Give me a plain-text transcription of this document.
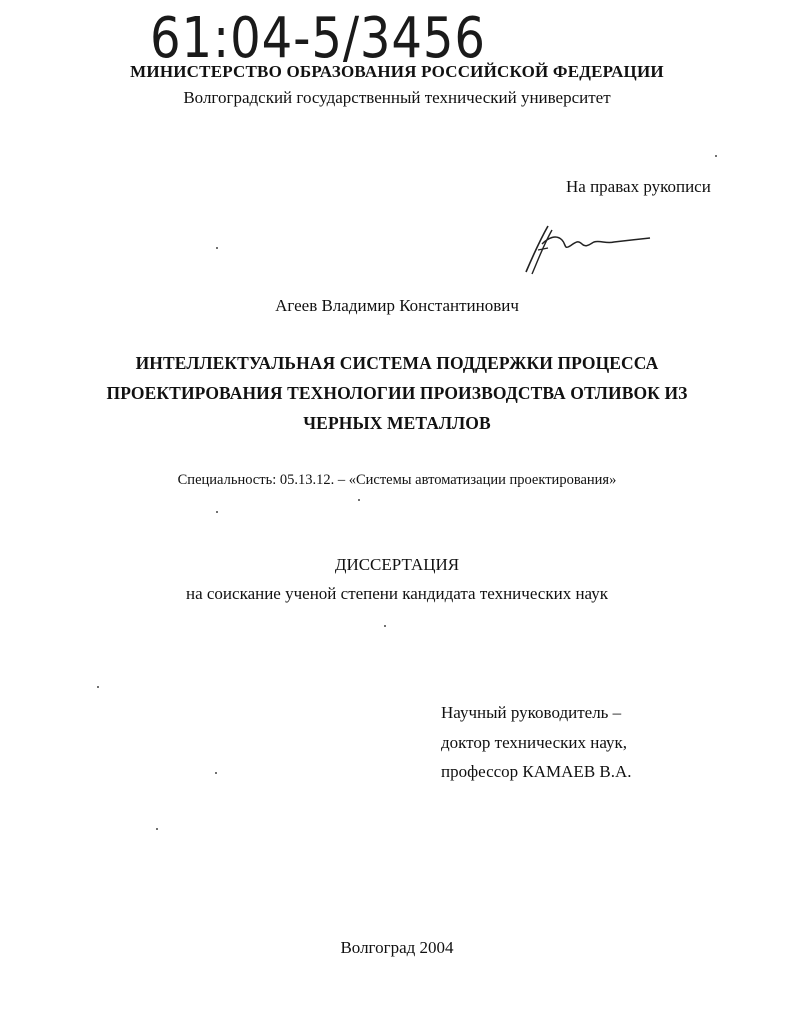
61:04-5/3456
МИНИСТЕРСТВО ОБРАЗОВАНИЯ РОССИЙСКОЙ ФЕДЕРАЦИИ
Волгоградский государственный технический университет
На правах рукописи
Агеев Владимир Константинович
ИНТЕЛЛЕКТУАЛЬНАЯ СИСТЕМА ПОДДЕРЖКИ ПРОЦЕССА
ПРОЕКТИРОВАНИЯ ТЕХНОЛОГИИ ПРОИЗВОДСТВА ОТЛИВОК ИЗ
ЧЕРНЫХ МЕТАЛЛОВ
Специальность: 05.13.12. – «Системы автоматизации проектирования»
ДИССЕРТАЦИЯ
на соискание ученой степени кандидата технических наук
Научный руководитель –
доктор технических наук,
профессор КАМАЕВ В.А.
Волгоград 2004
